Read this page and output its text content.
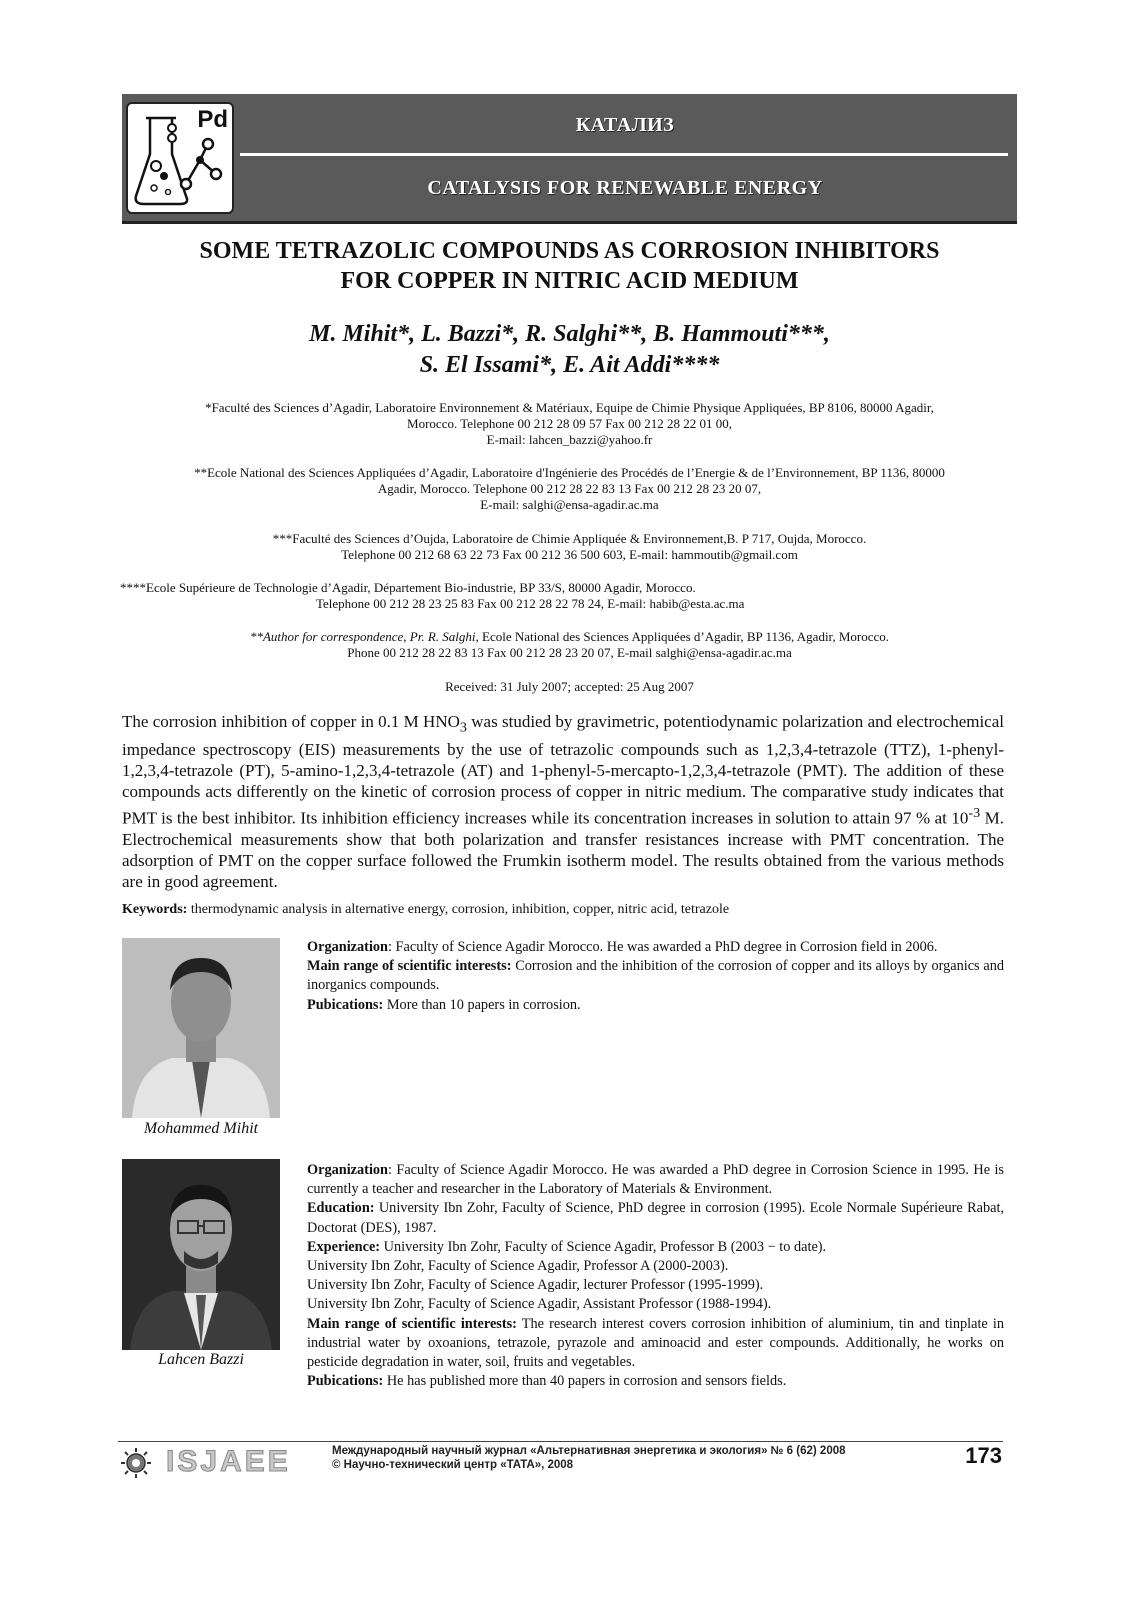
Pd	КАТАЛИЗ
CATALYSIS FOR RENEWABLE ENERGY
SOME TETRAZOLIC COMPOUNDS AS CORROSION INHIBITORS
FOR COPPER IN NITRIC ACID MEDIUM
M. Mihit*, L. Bazzi*, R. Salghi**, B. Hammouti***,
S. El Issami*, E. Ait Addi****
*Faculté des Sciences d’Agadir, Laboratoire Environnement & Matériaux, Equipe de Chimie Physique Appliquées, BP 8106, 80000 Agadir,
Morocco. Telephone 00 212 28 09 57 Fax 00 212 28 22 01 00,
E-mail: lahcen_bazzi@yahoo.fr
**Ecole National des Sciences Appliquées d’Agadir, Laboratoire d'Ingénierie des Procédés de l’Energie & de l’Environnement, BP 1136, 80000
Agadir, Morocco. Telephone 00 212 28 22 83 13 Fax 00 212 28 23 20 07,
E-mail: salghi@ensa-agadir.ac.ma
***Faculté des Sciences d’Oujda, Laboratoire de Chimie Appliquée & Environnement,B. P 717, Oujda, Morocco.
Telephone 00 212 68 63 22 73 Fax 00 212 36 500 603, E-mail: hammoutib@gmail.com
****Ecole Supérieure de Technologie d’Agadir, Département Bio-industrie, BP 33/S, 80000 Agadir, Morocco.
Telephone 00 212 28 23 25 83 Fax 00 212 28 22 78 24, E-mail: habib@esta.ac.ma
**Author for correspondence, Pr. R. Salghi, Ecole National des Sciences Appliquées d’Agadir, BP 1136, Agadir, Morocco.
Phone 00 212 28 22 83 13 Fax 00 212 28 23 20 07, E-mail salghi@ensa-agadir.ac.ma
Received: 31 July 2007; accepted: 25 Aug 2007
The corrosion inhibition of copper in 0.1 M $HNO_3$ was studied by gravimetric, potentiodynamic polarization and electrochemical impedance spectroscopy (EIS) measurements by the use of tetrazolic compounds such as 1,2,3,4-tetrazole (TTZ), 1-phenyl-1,2,3,4-tetrazole (PT), 5-amino-1,2,3,4-tetrazole (AT) and 1-phenyl-5-mercapto-1,2,3,4-tetrazole (PMT). The addition of these compounds acts differently on the kinetic of corrosion process of copper in nitric medium. The comparative study indicates that PMT is the best inhibitor. Its inhibition efficiency increases while its concentration increases in solution to attain 97 % at $10^{-3}$ M. Electrochemical measurements show that both polarization and transfer resistances increase with PMT concentration. The adsorption of PMT on the copper surface followed the Frumkin isotherm model. The results obtained from the various methods are in good agreement.
Keywords: thermodynamic analysis in alternative energy, corrosion, inhibition, copper, nitric acid, tetrazole
Mohammed Mihit

Organization: Faculty of Science Agadir Morocco. He was awarded a PhD degree in Corrosion field in 2006.

Main range of scientific interests: Corrosion and the inhibition of the corrosion of copper and its alloys by organics and inorganics compounds.

Pubications: More than 10 papers in corrosion.

Lahcen Bazzi

Organization: Faculty of Science Agadir Morocco. He was awarded a PhD degree in Corrosion Science in 1995. He is currently a teacher and researcher in the Laboratory of Materials & Environment.

Education: University Ibn Zohr, Faculty of Science, PhD degree in corrosion (1995). Ecole Normale Supérieure Rabat, Doctorat (DES), 1987.

Experience: University Ibn Zohr, Faculty of Science Agadir, Professor B (2003 − to date).

University Ibn Zohr, Faculty of Science Agadir, Professor A (2000-2003).

University Ibn Zohr, Faculty of Science Agadir, lecturer Professor (1995-1999).

University Ibn Zohr, Faculty of Science Agadir, Assistant Professor (1988-1994).

Main range of scientific interests: The research interest covers corrosion inhibition of aluminium, tin and tinplate in industrial water by oxoanions, tetrazole, pyrazole and aminoacid and ester compounds. Additionally, he works on pesticide degradation in water, soil, fruits and vegetables.

Pubications: He has published more than 40 papers in corrosion and sensors fields.

ISJAEE	Международный научный журнал «Альтернативная энергетика и экология» № 6 (62) 2008
© Научно-технический центр «TATA», 2008	173
